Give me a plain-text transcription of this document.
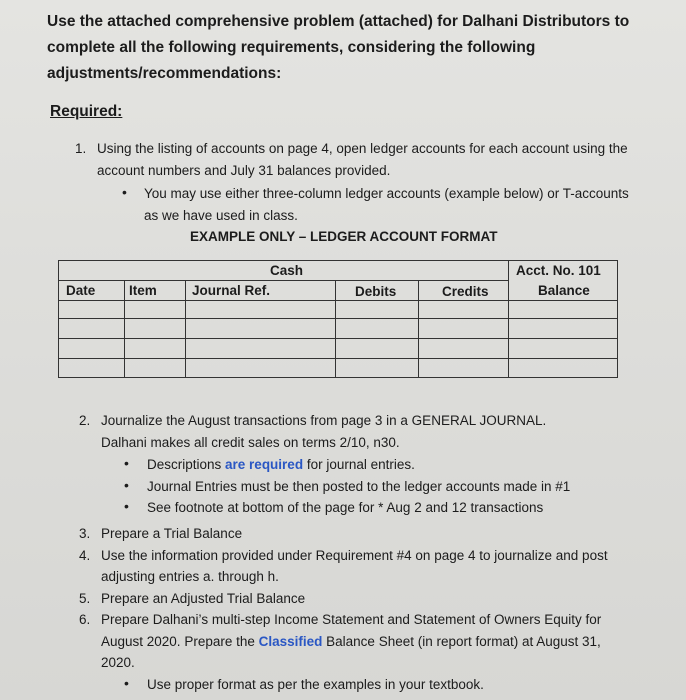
Use the attached comprehensive problem (attached) for Dalhani Distributors to complete all the following requirements, considering the following adjustments/recommendations:
Required:
1. Using the listing of accounts on page 4, open ledger accounts for each account using the
account numbers and July 31 balances provided.
• You may use either three-column ledger accounts (example below) or T-accounts
as we have used in class.
EXAMPLE ONLY – LEDGER ACCOUNT FORMAT
Cash	Acct. No. 101
Date Item	Journal Ref.	Debits	Credits	Balance
2. Journalize the August transactions from page 3 in a GENERAL JOURNAL.
Dalhani makes all credit sales on terms 2/10, n30.
• Descriptions are required for journal entries.
• Journal Entries must be then posted to the ledger accounts made in #1
• See footnote at bottom of the page for * Aug 2 and 12 transactions
3. Prepare a Trial Balance
4. Use the information provided under Requirement #4 on page 4 to journalize and post
adjusting entries a. through h.
5. Prepare an Adjusted Trial Balance
6. Prepare Dalhani’s multi-step Income Statement and Statement of Owners Equity for
August 2020. Prepare the Classified Balance Sheet (in report format) at August 31,
2020.
• Use proper format as per the examples in your textbook.
